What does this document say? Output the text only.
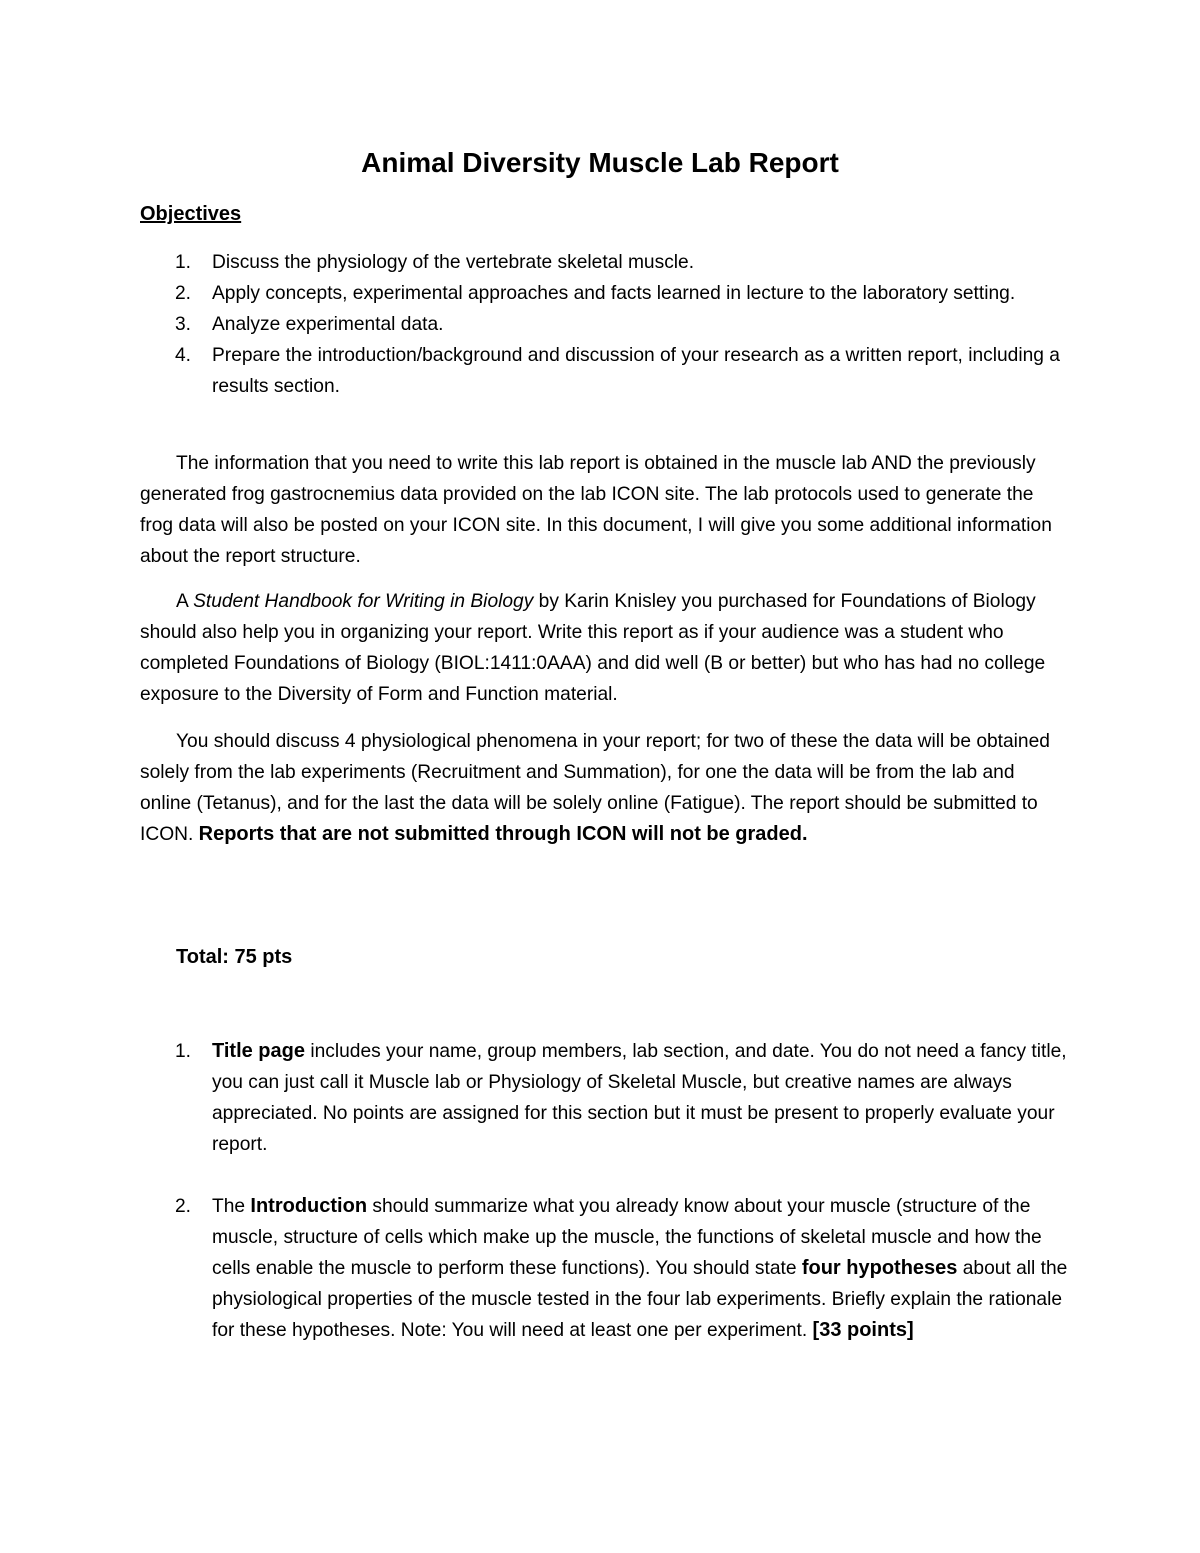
Animal Diversity Muscle Lab Report
Objectives
1. Discuss the physiology of the vertebrate skeletal muscle.
2. Apply concepts, experimental approaches and facts learned in lecture to the laboratory setting.
3. Analyze experimental data.
4. Prepare the introduction/background and discussion of your research as a written report, including a results section.

The information that you need to write this lab report is obtained in the muscle lab AND the previously generated frog gastrocnemius data provided on the lab ICON site. The lab protocols used to generate the frog data will also be posted on your ICON site. In this document, I will give you some additional information about the report structure.

A Student Handbook for Writing in Biology by Karin Knisley you purchased for Foundations of Biology should also help you in organizing your report. Write this report as if your audience was a student who completed Foundations of Biology (BIOL:1411:0AAA) and did well (B or better) but who has had no college exposure to the Diversity of Form and Function material.

You should discuss 4 physiological phenomena in your report; for two of these the data will be obtained solely from the lab experiments (Recruitment and Summation), for one the data will be from the lab and online (Tetanus), and for the last the data will be solely online (Fatigue). The report should be submitted to ICON. Reports that are not submitted through ICON will not be graded.

Total: 75 pts

1. Title page includes your name, group members, lab section, and date. You do not need a fancy title, you can just call it Muscle lab or Physiology of Skeletal Muscle, but creative names are always appreciated. No points are assigned for this section but it must be present to properly evaluate your report.
2. The Introduction should summarize what you already know about your muscle (structure of the muscle, structure of cells which make up the muscle, the functions of skeletal muscle and how the cells enable the muscle to perform these functions). You should state four hypotheses about all the physiological properties of the muscle tested in the four lab experiments. Briefly explain the rationale for these hypotheses. Note: You will need at least one per experiment. [33 points]
